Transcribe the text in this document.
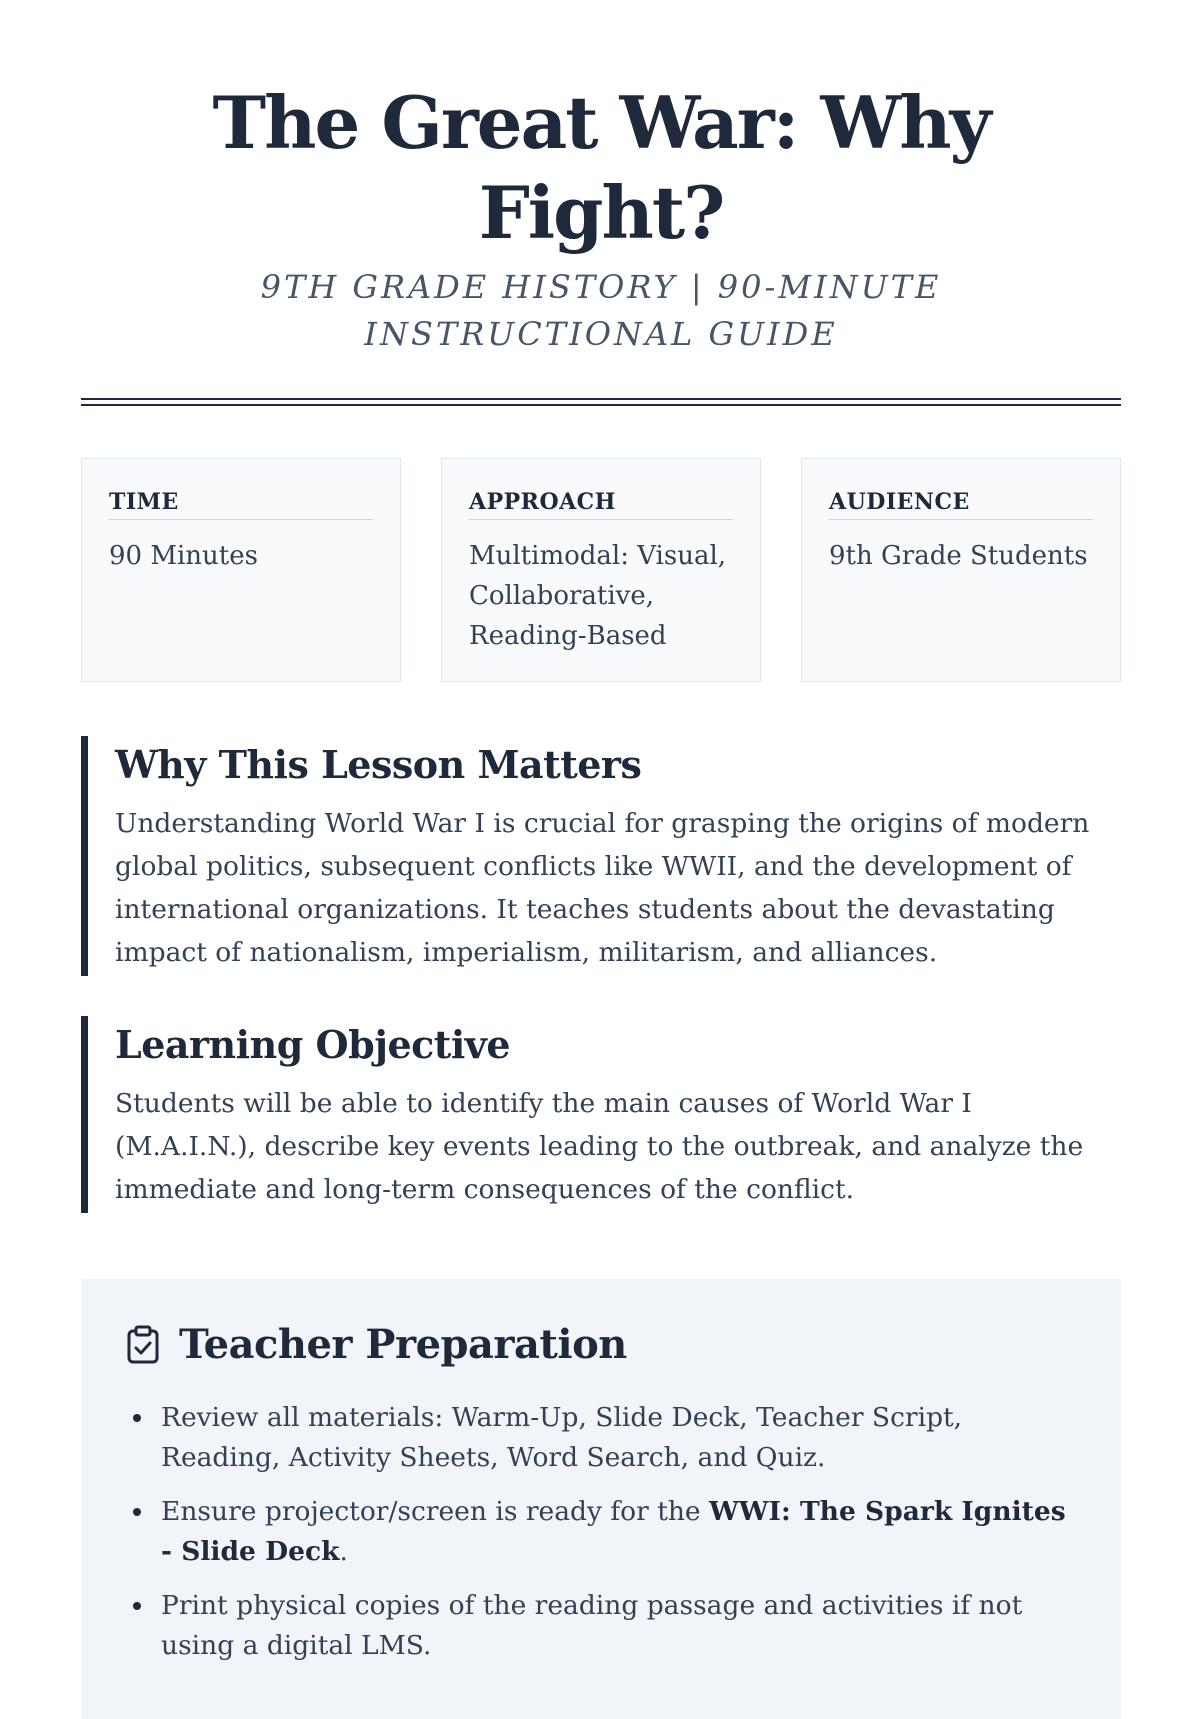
The Great War: Why Fight?
9TH GRADE HISTORY | 90-MINUTE INSTRUCTIONAL GUIDE
TIME
90 Minutes
APPROACH
Multimodal: Visual, Collaborative, Reading-Based
AUDIENCE
9th Grade Students
Why This Lesson Matters

Understanding World War I is crucial for grasping the origins of modern global politics, subsequent conflicts like WWII, and the development of international organizations. It teaches students about the devastating impact of nationalism, imperialism, militarism, and alliances.

Learning Objective

Students will be able to identify the main causes of World War I (M.A.I.N.), describe key events leading to the outbreak, and analyze the immediate and long-term consequences of the conflict.

Teacher Preparation
Review all materials: Warm-Up, Slide Deck, Teacher Script, Reading, Activity Sheets, Word Search, and Quiz.
Ensure projector/screen is ready for the WWI: The Spark Ignites - Slide Deck.
Print physical copies of the reading passage and activities if not using a digital LMS.
